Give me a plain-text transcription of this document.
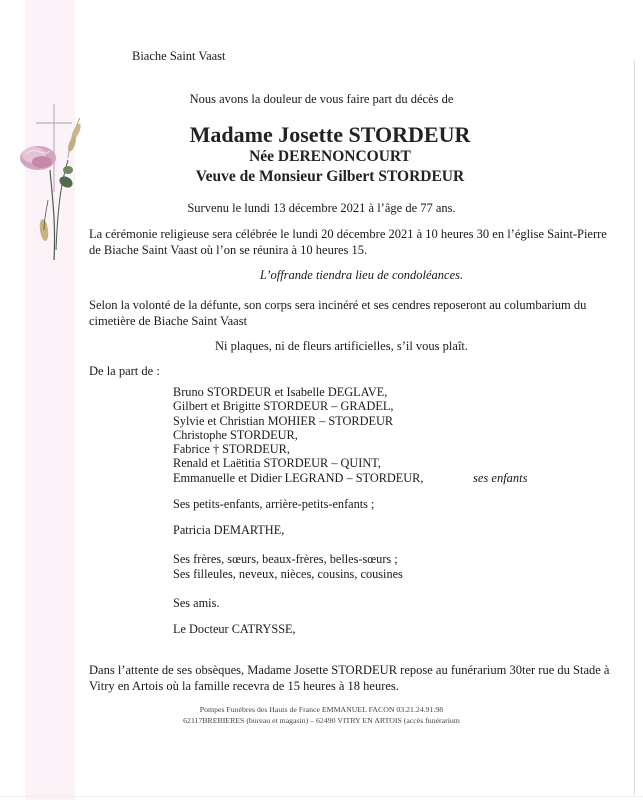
Biache Saint Vaast
Nous avons la douleur de vous faire part du décès de
Madame Josette STORDEUR
Née DERENONCOURT
Veuve de Monsieur Gilbert STORDEUR
Survenu le lundi 13 décembre 2021 à l’âge de 77 ans.
La cérémonie religieuse sera célébrée le lundi 20 décembre 2021 à 10 heures 30 en l’église Saint-Pierre
de Biache Saint Vaast où l’on se réunira à 10 heures 15.
L’offrande tiendra lieu de condoléances.
Selon la volonté de la défunte, son corps sera incinéré et ses cendres reposeront au columbarium du
cimetière de Biache Saint Vaast
Ni plaques, ni de fleurs artificielles, s’il vous plaît.
De la part de :
Bruno STORDEUR et Isabelle DEGLAVE,
Gilbert et Brigitte STORDEUR – GRADEL,
Sylvie et Christian MOHIER – STORDEUR
Christophe STORDEUR,
Fabrice † STORDEUR,
Renald et Laëtitia STORDEUR – QUINT,
Emmanuelle et Didier LEGRAND – STORDEUR,	ses enfants
Ses petits-enfants, arrière-petits-enfants ;
Patricia DEMARTHE,
Ses frères, sœurs, beaux-frères, belles-sœurs ;
Ses filleules, neveux, nièces, cousins, cousines
Ses amis.
Le Docteur CATRYSSE,
Dans l’attente de ses obsèques, Madame Josette STORDEUR repose au funérarium 30ter rue du Stade à
Vitry en Artois où la famille recevra de 15 heures à 18 heures.
Pompes Funèbres des Hauts de France EMMANUEL FACON 03.21.24.91.98
62117BREBIERES (bureau et magasin) – 62490 VITRY EN ARTOIS (accès funérarium
